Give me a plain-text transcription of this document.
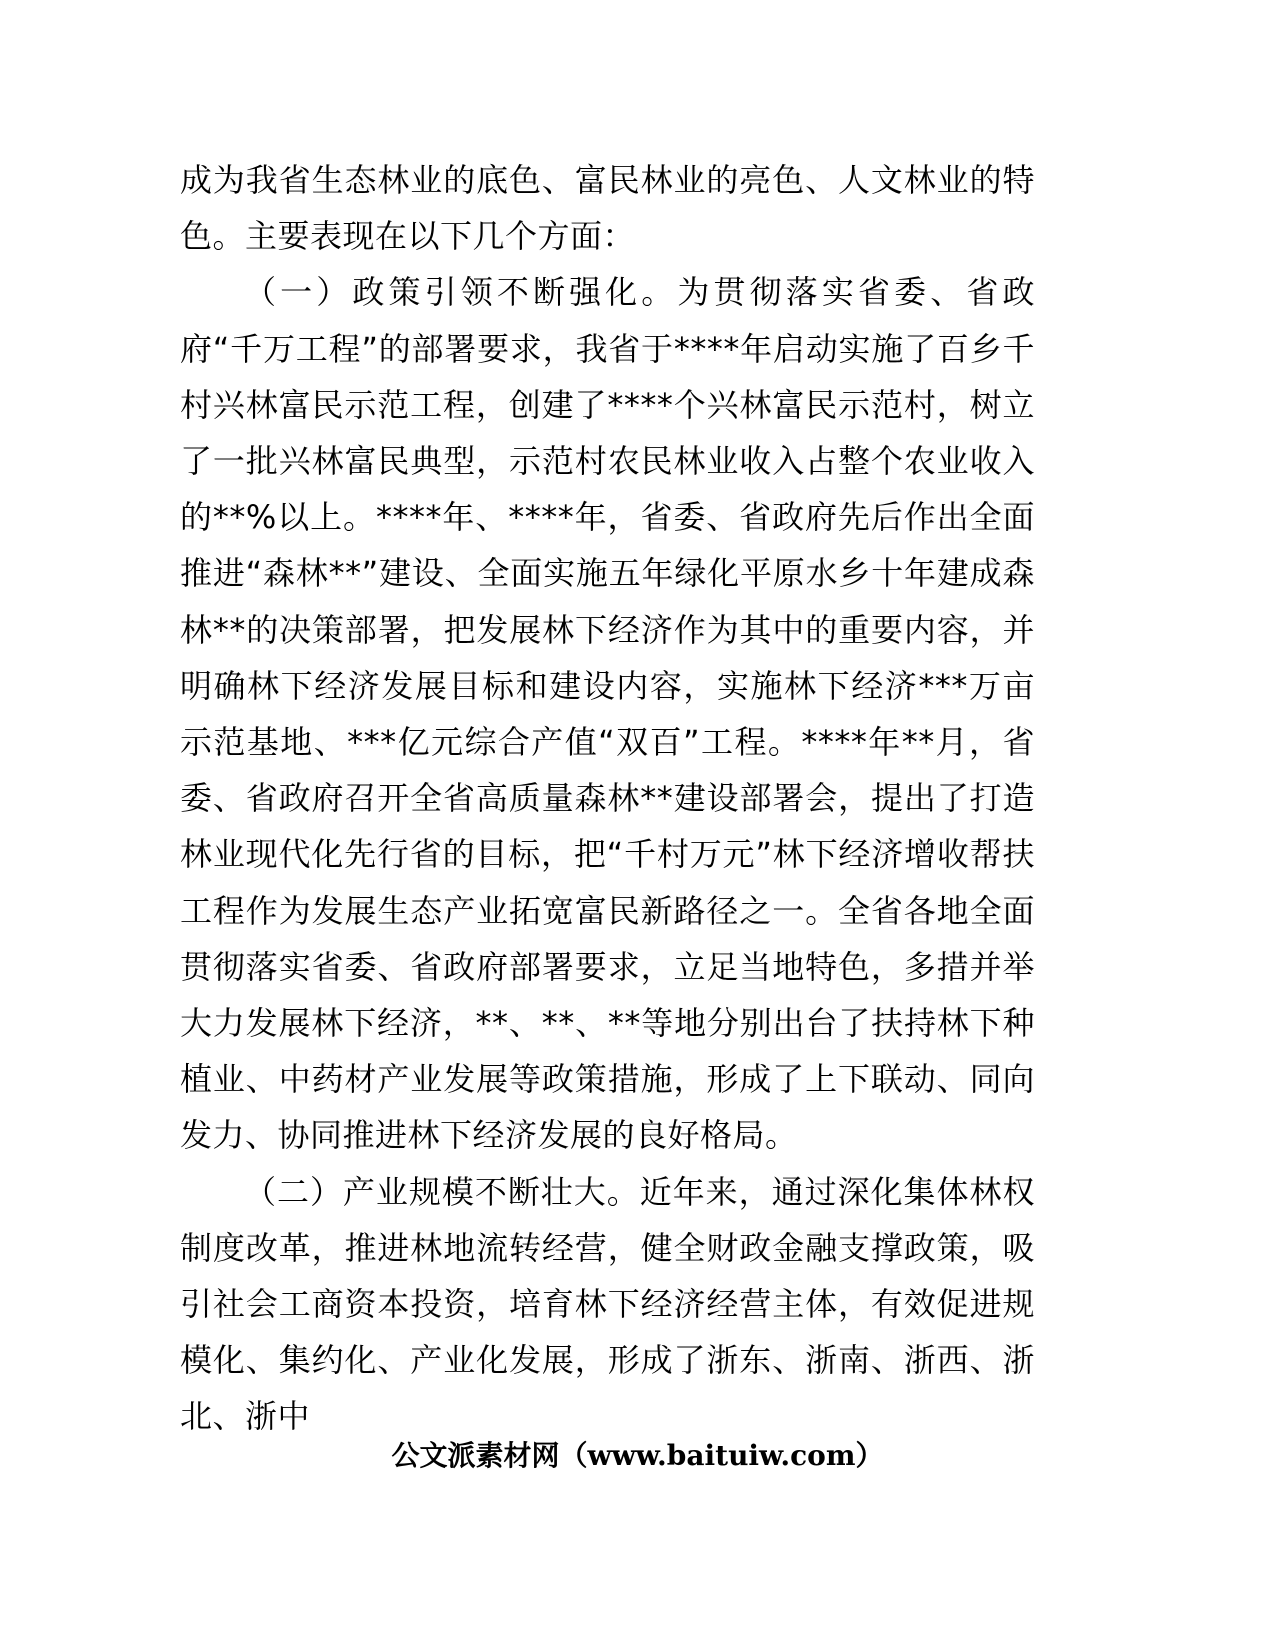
成为我省生态林业的底色、富民林业的亮色、人文林业的特色。主要表现在以下几个方面：

（一）政策引领不断强化。为贯彻落实省委、省政府“千万工程”的部署要求，我省于****年启动实施了百乡千村兴林富民示范工程，创建了****个兴林富民示范村，树立了一批兴林富民典型，示范村农民林业收入占整个农业收入的**%以上。****年、****年，省委、省政府先后作出全面推进“森林**”建设、全面实施五年绿化平原水乡十年建成森林**的决策部署，把发展林下经济作为其中的重要内容，并明确林下经济发展目标和建设内容，实施林下经济***万亩示范基地、***亿元综合产值“双百”工程。****年**月，省委、省政府召开全省高质量森林**建设部署会，提出了打造林业现代化先行省的目标，把“千村万元”林下经济增收帮扶工程作为发展生态产业拓宽富民新路径之一。全省各地全面贯彻落实省委、省政府部署要求，立足当地特色，多措并举大力发展林下经济，**、**、**等地分别出台了扶持林下种植业、中药材产业发展等政策措施，形成了上下联动、同向发力、协同推进林下经济发展的良好格局。

（二）产业规模不断壮大。近年来，通过深化集体林权制度改革，推进林地流转经营，健全财政金融支撑政策，吸引社会工商资本投资，培育林下经济经营主体，有效促进规模化、集约化、产业化发展，形成了浙东、浙南、浙西、浙北、浙中

公文派素材网（www.baituiw.com）
